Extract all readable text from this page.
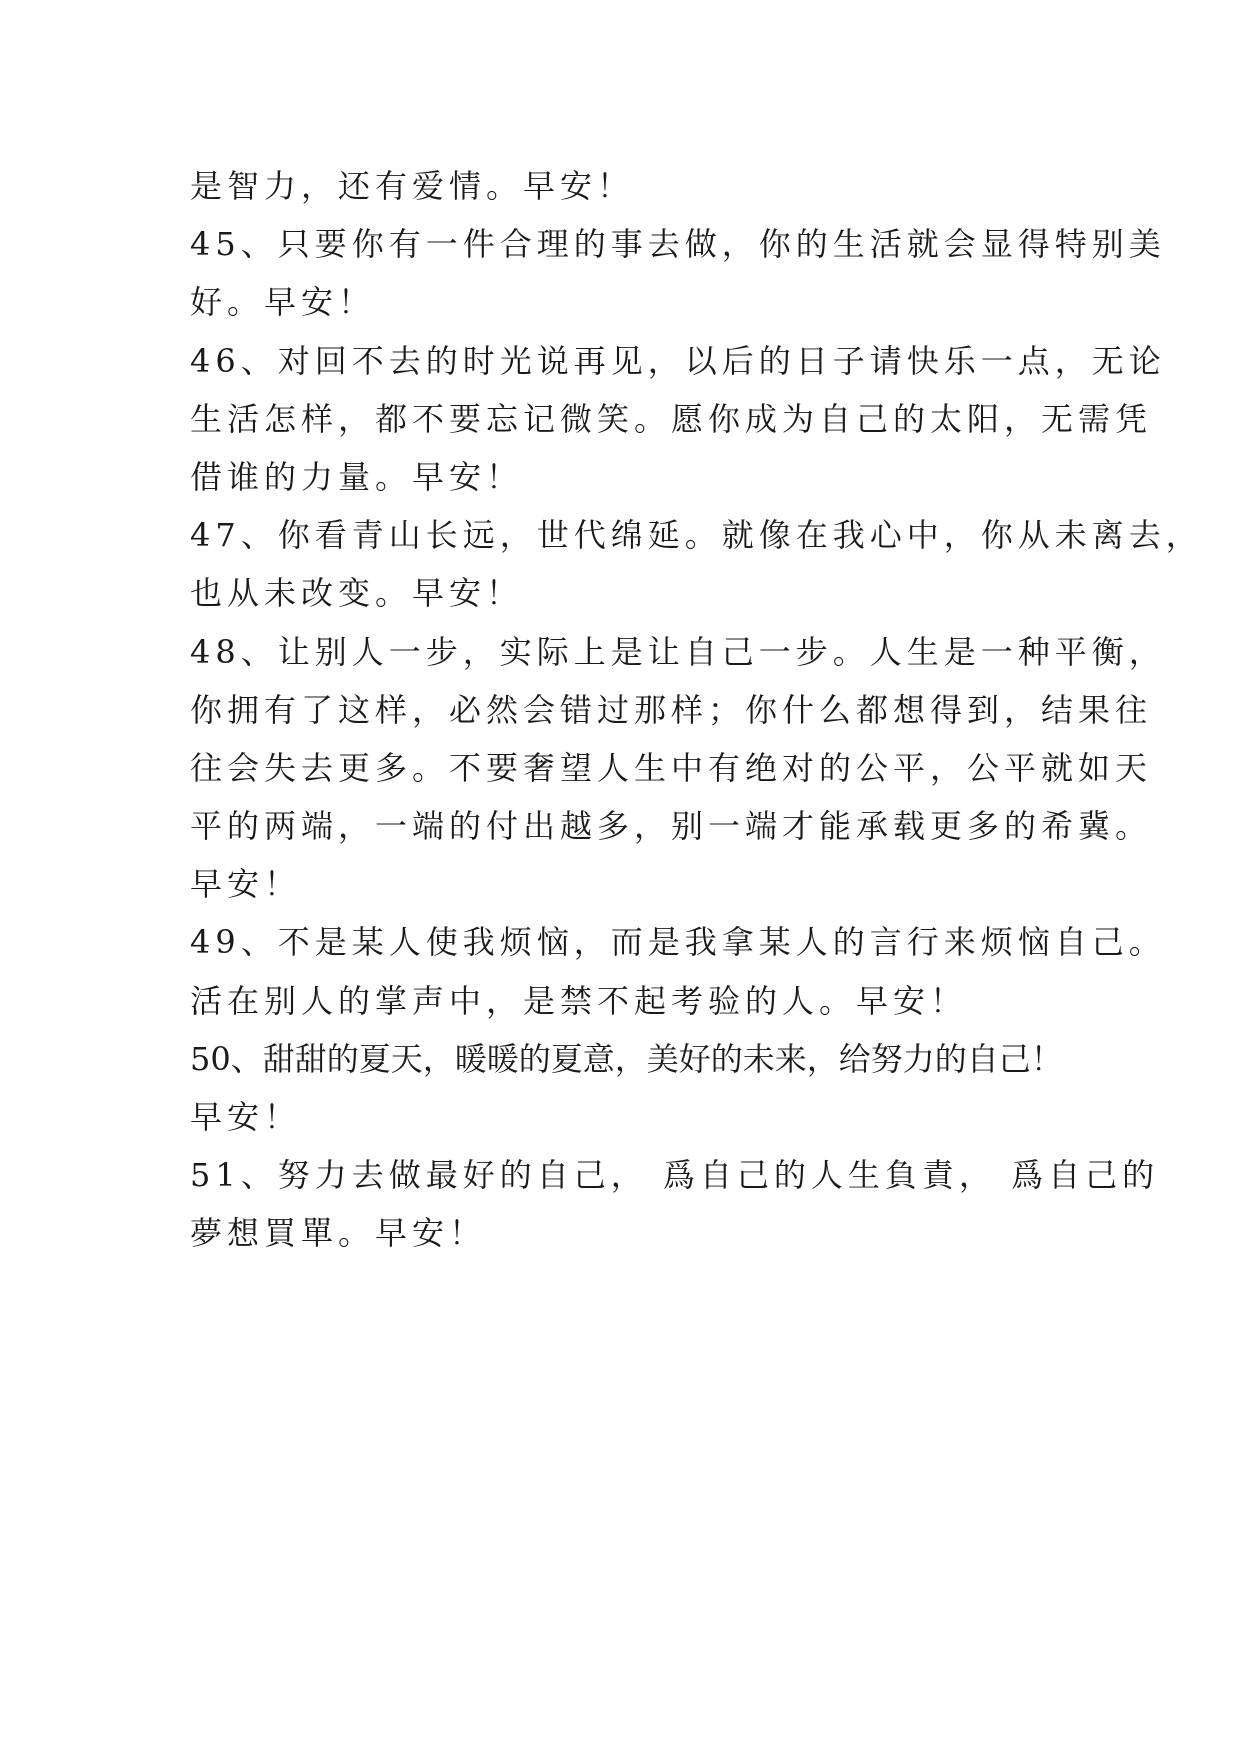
是智力，还有爱情。早安！
45、只要你有一件合理的事去做，你的生活就会显得特别美
好。早安！
46、对回不去的时光说再见，以后的日子请快乐一点，无论
生活怎样，都不要忘记微笑。愿你成为自己的太阳，无需凭
借谁的力量。早安！
47、你看青山长远，世代绵延。就像在我心中，你从未离去，
也从未改变。早安！
48、让别人一步，实际上是让自己一步。人生是一种平衡，
你拥有了这样，必然会错过那样；你什么都想得到，结果往
往会失去更多。不要奢望人生中有绝对的公平，公平就如天
平的两端，一端的付出越多，别一端才能承载更多的希冀。
早安！
49、不是某人使我烦恼，而是我拿某人的言行来烦恼自己。
活在别人的掌声中，是禁不起考验的人。早安！
50、甜甜的夏天，暖暖的夏意，美好的未来，给努力的自己！
早安！
51、努力去做最好的自己， 爲自己的人生負責， 爲自己的
夢想買單。早安！
